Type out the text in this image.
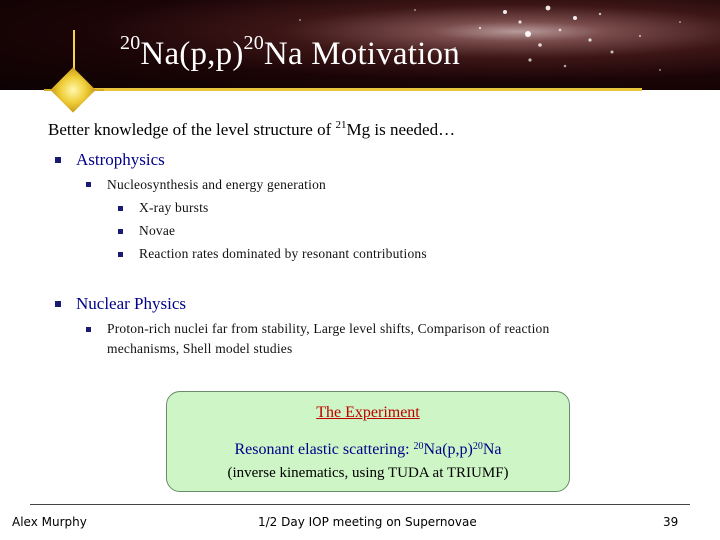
$^{20}Na(p,p)^{20}Na$ Motivation
Better knowledge of the level structure of $^{21}$Mg is needed…
Astrophysics
Nucleosynthesis and energy generation
X-ray bursts
Novae
Reaction rates dominated by resonant contributions
Nuclear Physics
Proton-rich nuclei far from stability, Large level shifts, Comparison of reaction
mechanisms, Shell model studies
The Experiment
Resonant elastic scattering: $^{20}Na(p,p)^{20}Na$
(inverse kinematics, using TUDA at TRIUMF)
Alex Murphy	1/2 Day IOP meeting on Supernovae	39
